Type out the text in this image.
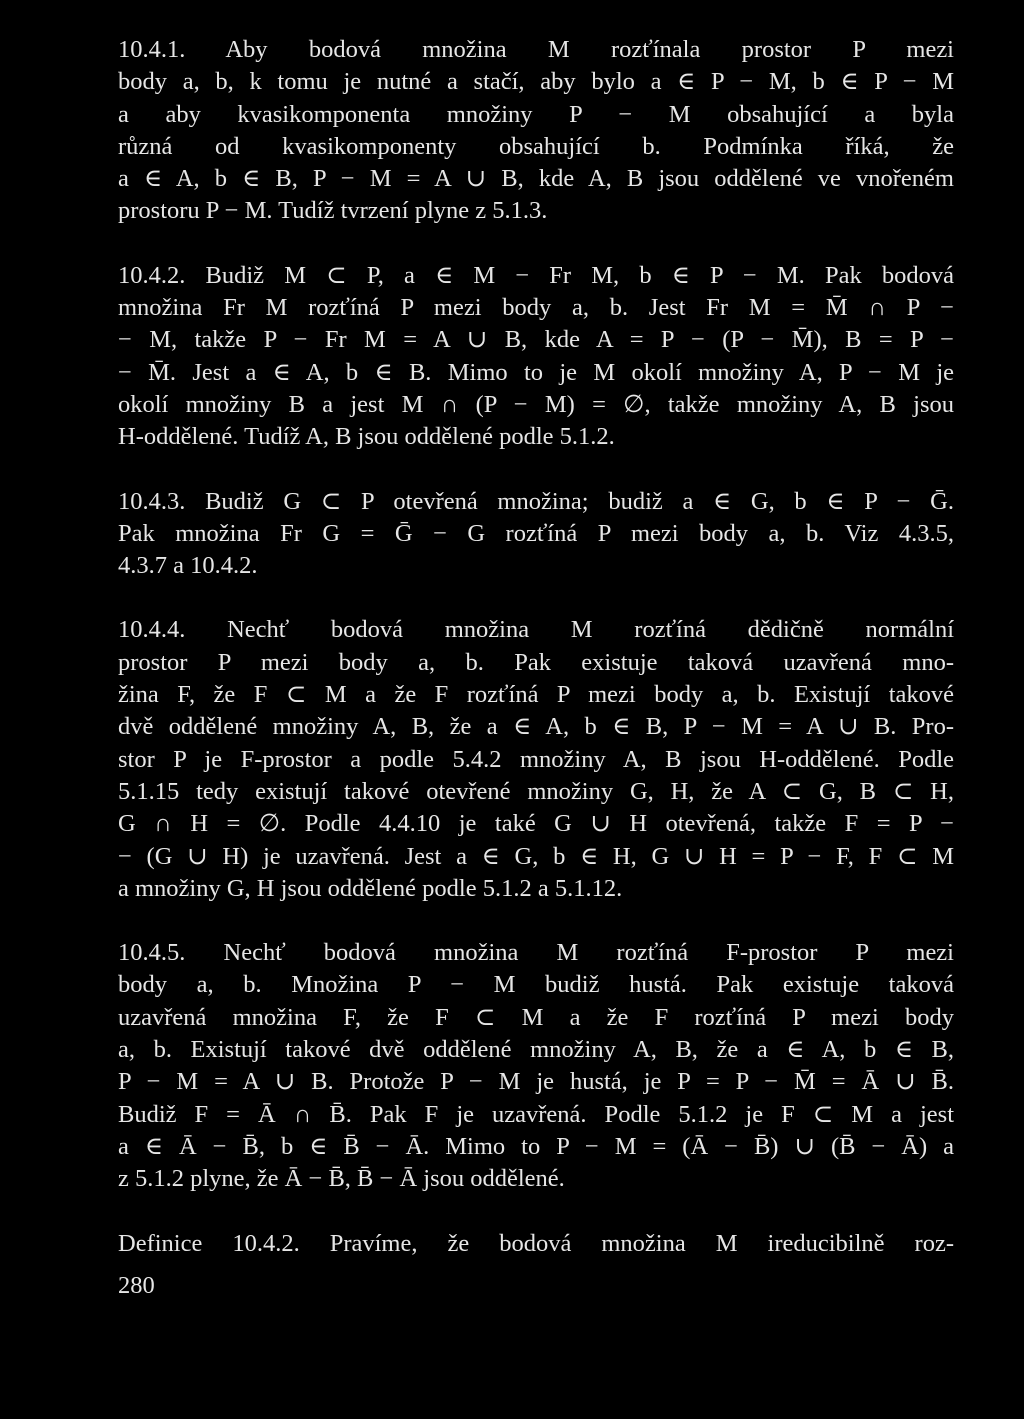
10.4.1. Aby bodová množina M rozťínala prostor P mezi
body a, b, k tomu je nutné a stačí, aby bylo a ∈ P − M, b ∈ P − M
a aby kvasikomponenta množiny P − M obsahující a byla
různá od kvasikomponenty obsahující b. Podmínka říká, že
a ∈ A, b ∈ B, P − M = A ∪ B, kde A, B jsou oddělené ve vnořeném
prostoru P − M. Tudíž tvrzení plyne z 5.1.3.

10.4.2. Budiž M ⊂ P, a ∈ M − Fr M, b ∈ P − M. Pak bodová
množina Fr M rozťíná P mezi body a, b. Jest Fr M = M̄ ∩ P −
− M, takže P − Fr M = A ∪ B, kde A = P − (P − M̄), B = P −
− M̄. Jest a ∈ A, b ∈ B. Mimo to je M okolí množiny A, P − M je
okolí množiny B a jest M ∩ (P − M) = ∅, takže množiny A, B jsou
H-oddělené. Tudíž A, B jsou oddělené podle 5.1.2.

10.4.3. Budiž G ⊂ P otevřená množina; budiž a ∈ G, b ∈ P − Ḡ.
Pak množina Fr G = Ḡ − G rozťíná P mezi body a, b. Viz 4.3.5,
4.3.7 a 10.4.2.

10.4.4. Nechť bodová množina M rozťíná dědičně normální
prostor P mezi body a, b. Pak existuje taková uzavřená mno-
žina F, že F ⊂ M a že F rozťíná P mezi body a, b. Existují takové
dvě oddělené množiny A, B, že a ∈ A, b ∈ B, P − M = A ∪ B. Pro-
stor P je F-prostor a podle 5.4.2 množiny A, B jsou H-oddělené. Podle
5.1.15 tedy existují takové otevřené množiny G, H, že A ⊂ G, B ⊂ H,
G ∩ H = ∅. Podle 4.4.10 je také G ∪ H otevřená, takže F = P −
− (G ∪ H) je uzavřená. Jest a ∈ G, b ∈ H, G ∪ H = P − F, F ⊂ M
a množiny G, H jsou oddělené podle 5.1.2 a 5.1.12.

10.4.5. Nechť bodová množina M rozťíná F-prostor P mezi
body a, b. Množina P − M budiž hustá. Pak existuje taková
uzavřená množina F, že F ⊂ M a že F rozťíná P mezi body
a, b. Existují takové dvě oddělené množiny A, B, že a ∈ A, b ∈ B,
P − M = A ∪ B. Protože P − M je hustá, je P = P − M̄ = Ā ∪ B̄.
Budiž F = Ā ∩ B̄. Pak F je uzavřená. Podle 5.1.2 je F ⊂ M a jest
a ∈ Ā − B̄, b ∈ B̄ − Ā. Mimo to P − M = (Ā − B̄) ∪ (B̄ − Ā) a
z 5.1.2 plyne, že Ā − B̄, B̄ − Ā jsou oddělené.

Definice 10.4.2. Pravíme, že bodová množina M ireducibilně roz-

280
